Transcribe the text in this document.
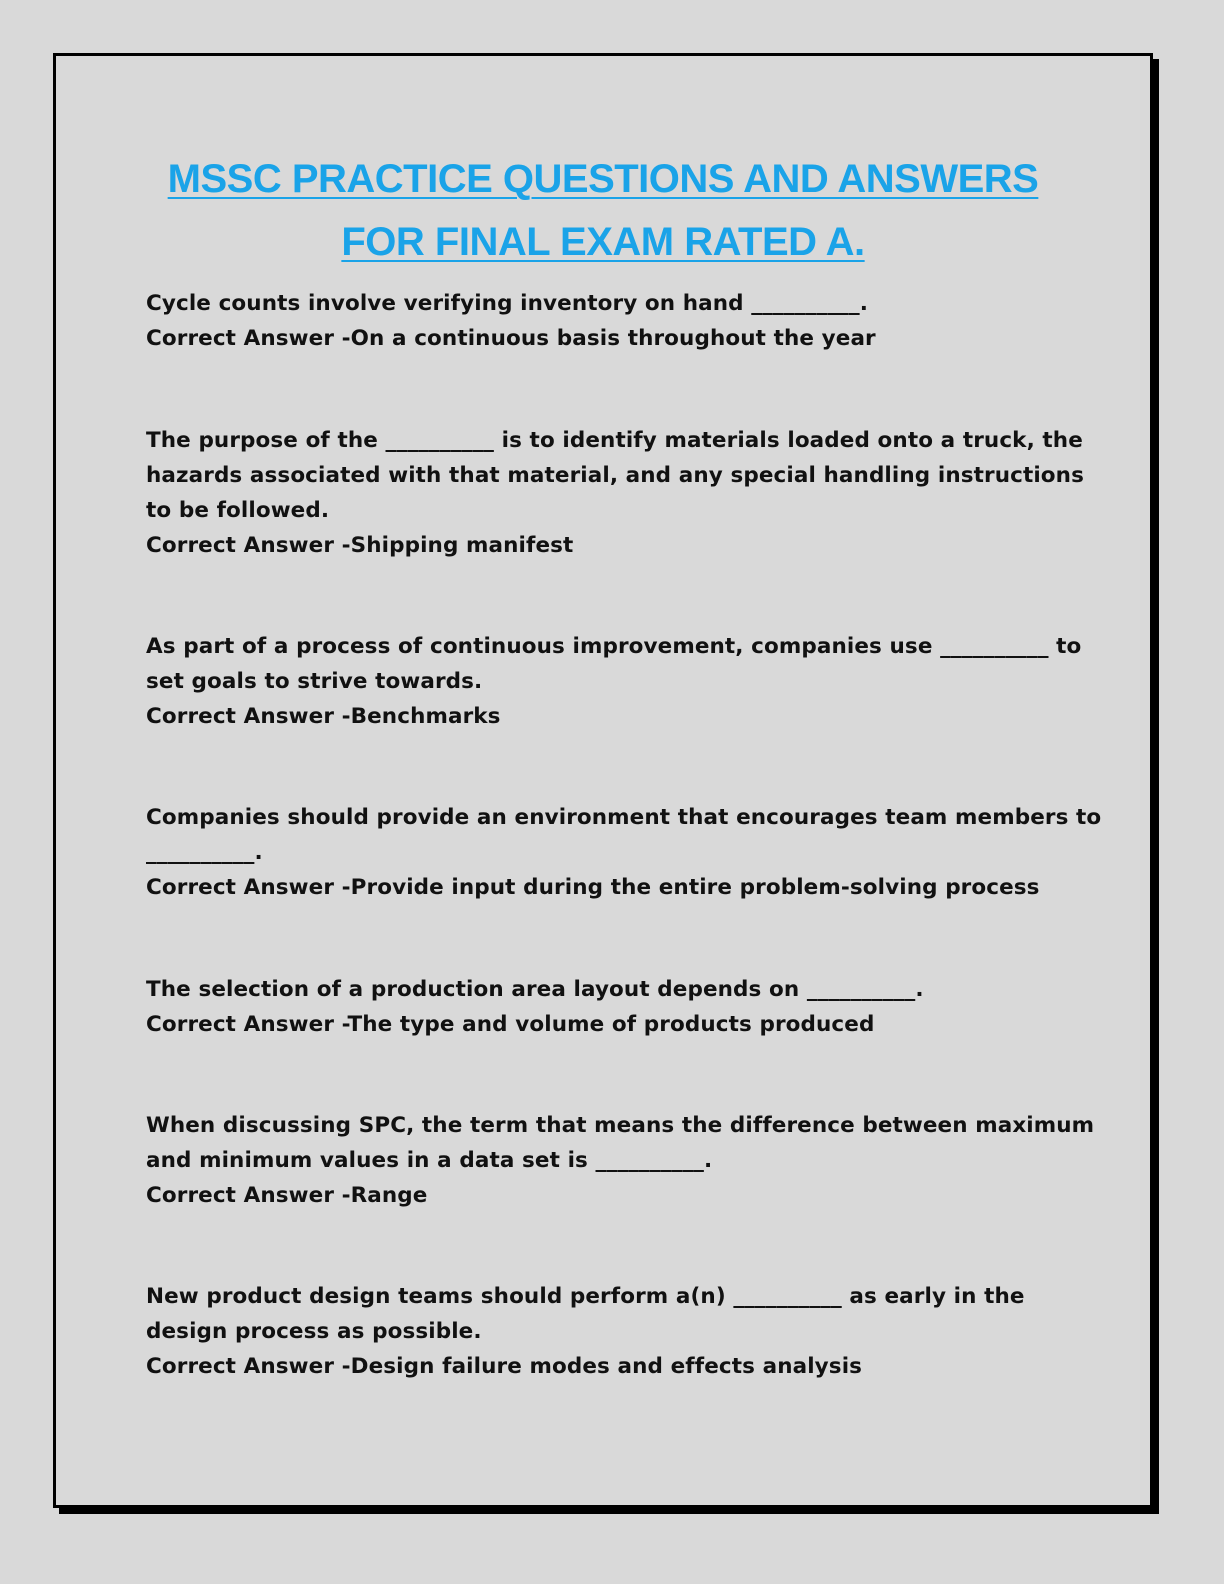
MSSC PRACTICE QUESTIONS AND ANSWERS
FOR FINAL EXAM RATED A.
Cycle counts involve verifying inventory on hand __________.
Correct Answer -On a continuous basis throughout the year
The purpose of the __________ is to identify materials loaded onto a truck, the hazards associated with that material, and any special handling instructions to be followed.
Correct Answer -Shipping manifest
As part of a process of continuous improvement, companies use __________ to set goals to strive towards.
Correct Answer -Benchmarks
Companies should provide an environment that encourages team members to __________.
Correct Answer -Provide input during the entire problem-solving process
The selection of a production area layout depends on __________.
Correct Answer -The type and volume of products produced
When discussing SPC, the term that means the difference between maximum and minimum values in a data set is __________.
Correct Answer -Range
New product design teams should perform a(n) __________ as early in the design process as possible.
Correct Answer -Design failure modes and effects analysis
